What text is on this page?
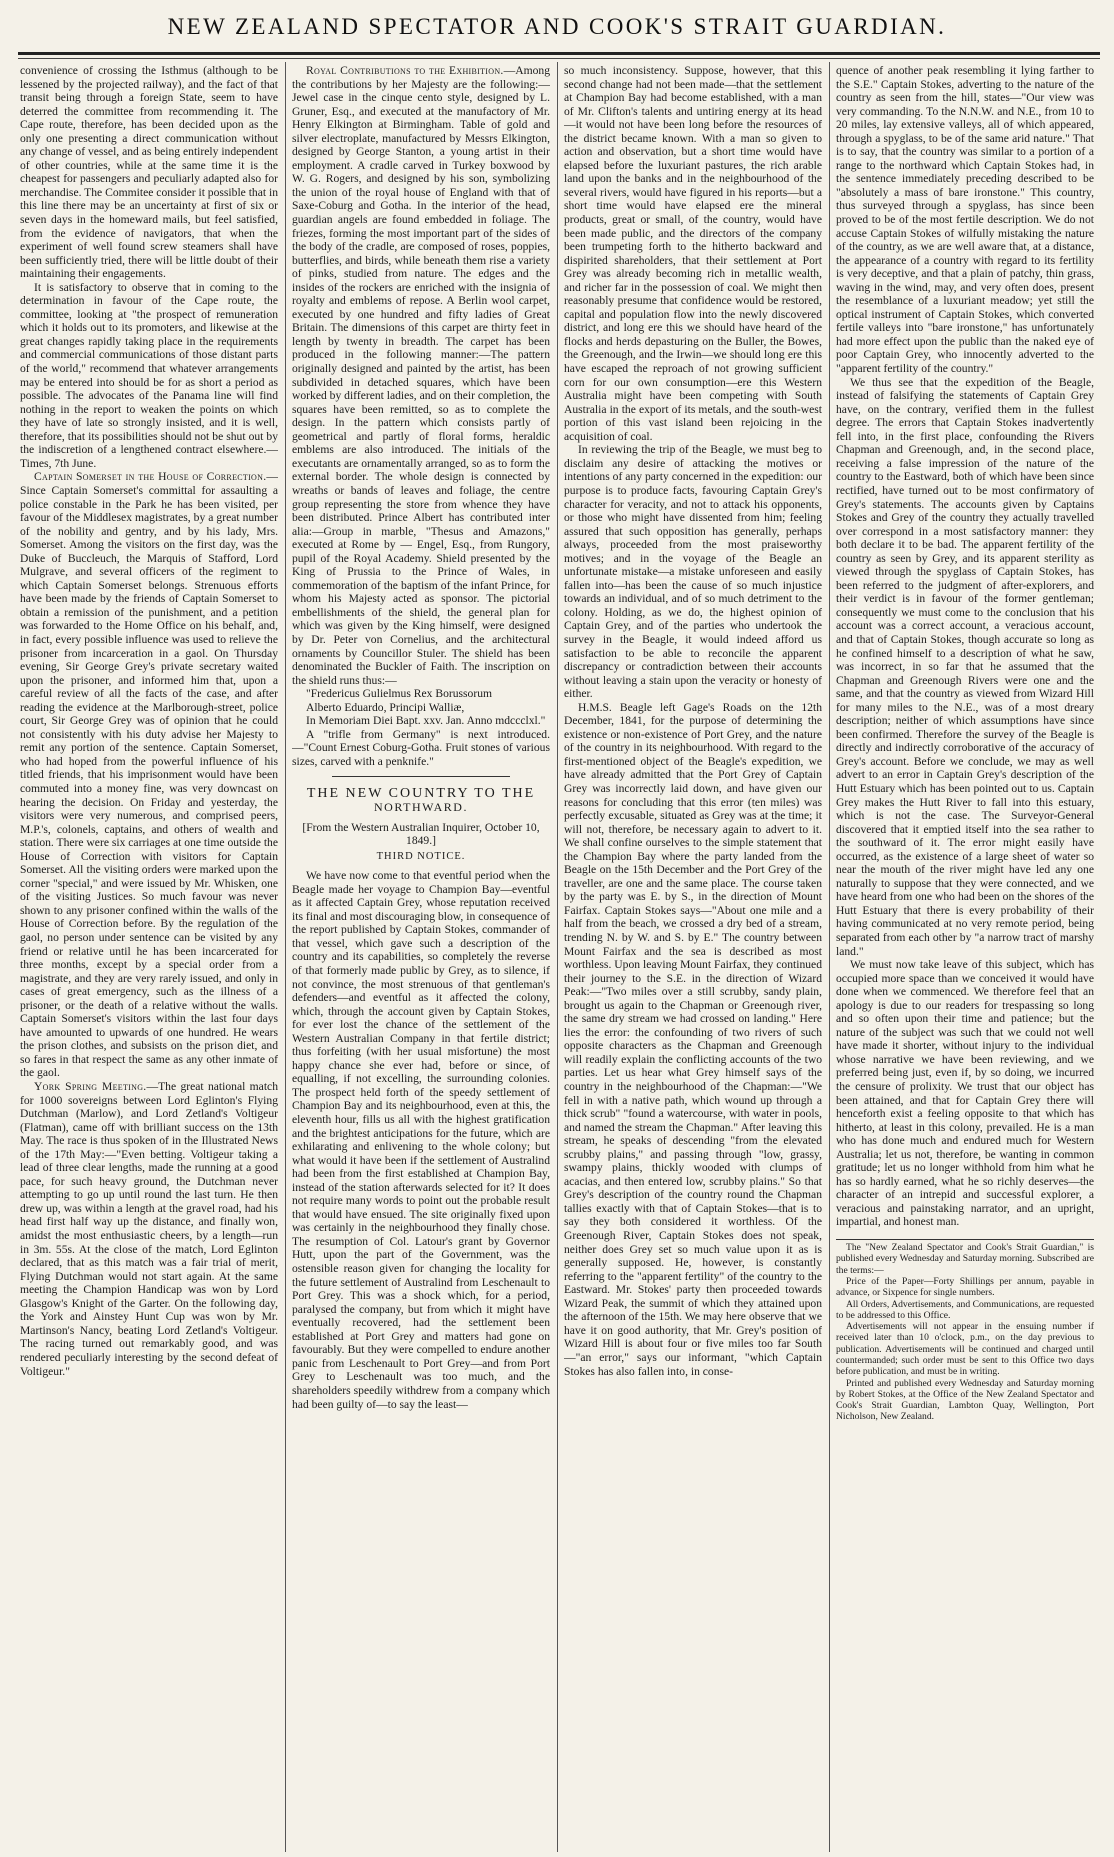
NEW ZEALAND SPECTATOR AND COOK'S STRAIT GUARDIAN.

convenience of crossing the Isthmus (although to be lessened by the projected railway), and the fact of that transit being through a foreign State, seem to have deterred the committee from recommending it. The Cape route, therefore, has been decided upon as the only one presenting a direct communication without any change of vessel, and as being entirely independent of other countries, while at the same time it is the cheapest for passengers and peculiarly adapted also for merchandise. The Commitee consider it possible that in this line there may be an uncertainty at first of six or seven days in the homeward mails, but feel satisfied, from the evidence of navigators, that when the experiment of well found screw steamers shall have been sufficiently tried, there will be little doubt of their maintaining their engagements.

It is satisfactory to observe that in coming to the determination in favour of the Cape route, the committee, looking at "the prospect of remuneration which it holds out to its promoters, and likewise at the great changes rapidly taking place in the requirements and commercial communications of those distant parts of the world," recommend that whatever arrangements may be entered into should be for as short a period as possible. The advocates of the Panama line will find nothing in the report to weaken the points on which they have of late so strongly insisted, and it is well, therefore, that its possibilities should not be shut out by the indiscretion of a lengthened contract elsewhere.—Times, 7th June.

Captain Somerset in the House of Correction.—Since Captain Somerset's committal for assaulting a police constable in the Park he has been visited, per favour of the Middlesex magistrates, by a great number of the nobility and gentry, and by his lady, Mrs. Somerset. Among the visitors on the first day, was the Duke of Buccleuch, the Marquis of Stafford, Lord Mulgrave, and several officers of the regiment to which Captain Somerset belongs. Strenuous efforts have been made by the friends of Captain Somerset to obtain a remission of the punishment, and a petition was forwarded to the Home Office on his behalf, and, in fact, every possible influence was used to relieve the prisoner from incarceration in a gaol. On Thursday evening, Sir George Grey's private secretary waited upon the prisoner, and informed him that, upon a careful review of all the facts of the case, and after reading the evidence at the Marlborough-street, police court, Sir George Grey was of opinion that he could not consistently with his duty advise her Majesty to remit any portion of the sentence. Captain Somerset, who had hoped from the powerful influence of his titled friends, that his imprisonment would have been commuted into a money fine, was very downcast on hearing the decision. On Friday and yesterday, the visitors were very numerous, and comprised peers, M.P.'s, colonels, captains, and others of wealth and station. There were six carriages at one time outside the House of Correction with visitors for Captain Somerset. All the visiting orders were marked upon the corner "special," and were issued by Mr. Whisken, one of the visiting Justices. So much favour was never shown to any prisoner confined within the walls of the House of Correction before. By the regulation of the gaol, no person under sentence can be visited by any friend or relative until he has been incarcerated for three months, except by a special order from a magistrate, and they are very rarely issued, and only in cases of great emergency, such as the illness of a prisoner, or the death of a relative without the walls. Captain Somerset's visitors within the last four days have amounted to upwards of one hundred. He wears the prison clothes, and subsists on the prison diet, and so fares in that respect the same as any other inmate of the gaol.

York Spring Meeting.—The great national match for 1000 sovereigns between Lord Eglinton's Flying Dutchman (Marlow), and Lord Zetland's Voltigeur (Flatman), came off with brilliant success on the 13th May. The race is thus spoken of in the Illustrated News of the 17th May:—"Even betting. Voltigeur taking a lead of three clear lengths, made the running at a good pace, for such heavy ground, the Dutchman never attempting to go up until round the last turn. He then drew up, was within a length at the gravel road, had his head first half way up the distance, and finally won, amidst the most enthusiastic cheers, by a length—run in 3m. 55s. At the close of the match, Lord Eglinton declared, that as this match was a fair trial of merit, Flying Dutchman would not start again. At the same meeting the Champion Handicap was won by Lord Glasgow's Knight of the Garter. On the following day, the York and Ainstey Hunt Cup was won by Mr. Martinson's Nancy, beating Lord Zetland's Voltigeur. The racing turned out remarkably good, and was rendered peculiarly interesting by the second defeat of Voltigeur."

Royal Contributions to the Exhibition.—Among the contributions by her Majesty are the following:—Jewel case in the cinque cento style, designed by L. Gruner, Esq., and executed at the manufactory of Mr. Henry Elkington at Birmingham. Table of gold and silver electroplate, manufactured by Messrs Elkington, designed by George Stanton, a young artist in their employment. A cradle carved in Turkey boxwood by W. G. Rogers, and designed by his son, symbolizing the union of the royal house of England with that of Saxe-Coburg and Gotha. In the interior of the head, guardian angels are found embedded in foliage. The friezes, forming the most important part of the sides of the body of the cradle, are composed of roses, poppies, butterflies, and birds, while beneath them rise a variety of pinks, studied from nature. The edges and the insides of the rockers are enriched with the insignia of royalty and emblems of repose. A Berlin wool carpet, executed by one hundred and fifty ladies of Great Britain. The dimensions of this carpet are thirty feet in length by twenty in breadth. The carpet has been produced in the following manner:—The pattern originally designed and painted by the artist, has been subdivided in detached squares, which have been worked by different ladies, and on their completion, the squares have been remitted, so as to complete the design. In the pattern which consists partly of geometrical and partly of floral forms, heraldic emblems are also introduced. The initials of the executants are ornamentally arranged, so as to form the external border. The whole design is connected by wreaths or bands of leaves and foliage, the centre group representing the store from whence they have been distributed. Prince Albert has contributed inter alia:—Group in marble, "Thesus and Amazons," executed at Rome by — Engel, Esq., from Rungory, pupil of the Royal Academy. Shield presented by the King of Prussia to the Prince of Wales, in commemoration of the baptism of the infant Prince, for whom his Majesty acted as sponsor. The pictorial embellishments of the shield, the general plan for which was given by the King himself, were designed by Dr. Peter von Cornelius, and the architectural ornaments by Councillor Stuler. The shield has been denominated the Buckler of Faith. The inscription on the shield runs thus:—

"Fredericus Gulielmus Rex Borussorum

Alberto Eduardo, Principi Walliæ,

In Memoriam Diei Bapt. xxv. Jan. Anno mdccclxl."

A "trifle from Germany" is next introduced.—"Count Ernest Coburg-Gotha. Fruit stones of various sizes, carved with a penknife."

THE NEW COUNTRY TO THE
NORTHWARD.

[From the Western Australian Inquirer, October 10, 1849.]

THIRD NOTICE.

We have now come to that eventful period when the Beagle made her voyage to Champion Bay—eventful as it affected Captain Grey, whose reputation received its final and most discouraging blow, in consequence of the report published by Captain Stokes, commander of that vessel, which gave such a description of the country and its capabilities, so completely the reverse of that formerly made public by Grey, as to silence, if not convince, the most strenuous of that gentleman's defenders—and eventful as it affected the colony, which, through the account given by Captain Stokes, for ever lost the chance of the settlement of the Western Australian Company in that fertile district; thus forfeiting (with her usual misfortune) the most happy chance she ever had, before or since, of equalling, if not excelling, the surrounding colonies. The prospect held forth of the speedy settlement of Champion Bay and its neighbourhood, even at this, the eleventh hour, fills us all with the highest gratification and the brightest anticipations for the future, which are exhilarating and enlivening to the whole colony; but what would it have been if the settlement of Australind had been from the first established at Champion Bay, instead of the station afterwards selected for it? It does not require many words to point out the probable result that would have ensued. The site originally fixed upon was certainly in the neighbourhood they finally chose. The resumption of Col. Latour's grant by Governor Hutt, upon the part of the Government, was the ostensible reason given for changing the locality for the future settlement of Australind from Leschenault to Port Grey. This was a shock which, for a period, paralysed the company, but from which it might have eventually recovered, had the settlement been established at Port Grey and matters had gone on favourably. But they were compelled to endure another panic from Leschenault to Port Grey—and from Port Grey to Leschenault was too much, and the shareholders speedily withdrew from a company which had been guilty of—to say the least—

so much inconsistency. Suppose, however, that this second change had not been made—that the settlement at Champion Bay had become established, with a man of Mr. Clifton's talents and untiring energy at its head—it would not have been long before the resources of the district became known. With a man so given to action and observation, but a short time would have elapsed before the luxuriant pastures, the rich arable land upon the banks and in the neighbourhood of the several rivers, would have figured in his reports—but a short time would have elapsed ere the mineral products, great or small, of the country, would have been made public, and the directors of the company been trumpeting forth to the hitherto backward and dispirited shareholders, that their settlement at Port Grey was already becoming rich in metallic wealth, and richer far in the possession of coal. We might then reasonably presume that confidence would be restored, capital and population flow into the newly discovered district, and long ere this we should have heard of the flocks and herds depasturing on the Buller, the Bowes, the Greenough, and the Irwin—we should long ere this have escaped the reproach of not growing sufficient corn for our own consumption—ere this Western Australia might have been competing with South Australia in the export of its metals, and the south-west portion of this vast island been rejoicing in the acquisition of coal.

In reviewing the trip of the Beagle, we must beg to disclaim any desire of attacking the motives or intentions of any party concerned in the expedition: our purpose is to produce facts, favouring Captain Grey's character for veracity, and not to attack his opponents, or those who might have dissented from him; feeling assured that such opposition has generally, perhaps always, proceeded from the most praiseworthy motives; and in the voyage of the Beagle an unfortunate mistake—a mistake unforeseen and easily fallen into—has been the cause of so much injustice towards an individual, and of so much detriment to the colony. Holding, as we do, the highest opinion of Captain Grey, and of the parties who undertook the survey in the Beagle, it would indeed afford us satisfaction to be able to reconcile the apparent discrepancy or contradiction between their accounts without leaving a stain upon the veracity or honesty of either.

H.M.S. Beagle left Gage's Roads on the 12th December, 1841, for the purpose of determining the existence or non-existence of Port Grey, and the nature of the country in its neighbourhood. With regard to the first-mentioned object of the Beagle's expedition, we have already admitted that the Port Grey of Captain Grey was incorrectly laid down, and have given our reasons for concluding that this error (ten miles) was perfectly excusable, situated as Grey was at the time; it will not, therefore, be necessary again to advert to it. We shall confine ourselves to the simple statement that the Champion Bay where the party landed from the Beagle on the 15th December and the Port Grey of the traveller, are one and the same place. The course taken by the party was E. by S., in the direction of Mount Fairfax. Captain Stokes says—"About one mile and a half from the beach, we crossed a dry bed of a stream, trending N. by W. and S. by E." The country between Mount Fairfax and the sea is described as most worthless. Upon leaving Mount Fairfax, they continued their journey to the S.E. in the direction of Wizard Peak:—"Two miles over a still scrubby, sandy plain, brought us again to the Chapman or Greenough river, the same dry stream we had crossed on landing." Here lies the error: the confounding of two rivers of such opposite characters as the Chapman and Greenough will readily explain the conflicting accounts of the two parties. Let us hear what Grey himself says of the country in the neighbourhood of the Chapman:—"We fell in with a native path, which wound up through a thick scrub" "found a watercourse, with water in pools, and named the stream the Chapman." After leaving this stream, he speaks of descending "from the elevated scrubby plains," and passing through "low, grassy, swampy plains, thickly wooded with clumps of acacias, and then entered low, scrubby plains." So that Grey's description of the country round the Chapman tallies exactly with that of Captain Stokes—that is to say they both considered it worthless. Of the Greenough River, Captain Stokes does not speak, neither does Grey set so much value upon it as is generally supposed. He, however, is constantly referring to the "apparent fertility" of the country to the Eastward. Mr. Stokes' party then proceeded towards Wizard Peak, the summit of which they attained upon the afternoon of the 15th. We may here observe that we have it on good authority, that Mr. Grey's position of Wizard Hill is about four or five miles too far South—"an error," says our informant, "which Captain Stokes has also fallen into, in conse-

quence of another peak resembling it lying farther to the S.E." Captain Stokes, adverting to the nature of the country as seen from the hill, states—"Our view was very commanding. To the N.N.W. and N.E., from 10 to 20 miles, lay extensive valleys, all of which appeared, through a spyglass, to be of the same arid nature." That is to say, that the country was similar to a portion of a range to the northward which Captain Stokes had, in the sentence immediately preceding described to be "absolutely a mass of bare ironstone." This country, thus surveyed through a spyglass, has since been proved to be of the most fertile description. We do not accuse Captain Stokes of wilfully mistaking the nature of the country, as we are well aware that, at a distance, the appearance of a country with regard to its fertility is very deceptive, and that a plain of patchy, thin grass, waving in the wind, may, and very often does, present the resemblance of a luxuriant meadow; yet still the optical instrument of Captain Stokes, which converted fertile valleys into "bare ironstone," has unfortunately had more effect upon the public than the naked eye of poor Captain Grey, who innocently adverted to the "apparent fertility of the country."

We thus see that the expedition of the Beagle, instead of falsifying the statements of Captain Grey have, on the contrary, verified them in the fullest degree. The errors that Captain Stokes inadvertently fell into, in the first place, confounding the Rivers Chapman and Greenough, and, in the second place, receiving a false impression of the nature of the country to the Eastward, both of which have been since rectified, have turned out to be most confirmatory of Grey's statements. The accounts given by Captains Stokes and Grey of the country they actually travelled over correspond in a most satisfactory manner: they both declare it to be bad. The apparent fertility of the country as seen by Grey, and its apparent sterility as viewed through the spyglass of Captain Stokes, has been referred to the judgment of after-explorers, and their verdict is in favour of the former gentleman; consequently we must come to the conclusion that his account was a correct account, a veracious account, and that of Captain Stokes, though accurate so long as he confined himself to a description of what he saw, was incorrect, in so far that he assumed that the Chapman and Greenough Rivers were one and the same, and that the country as viewed from Wizard Hill for many miles to the N.E., was of a most dreary description; neither of which assumptions have since been confirmed. Therefore the survey of the Beagle is directly and indirectly corroborative of the accuracy of Grey's account. Before we conclude, we may as well advert to an error in Captain Grey's description of the Hutt Estuary which has been pointed out to us. Captain Grey makes the Hutt River to fall into this estuary, which is not the case. The Surveyor-General discovered that it emptied itself into the sea rather to the southward of it. The error might easily have occurred, as the existence of a large sheet of water so near the mouth of the river might have led any one naturally to suppose that they were connected, and we have heard from one who had been on the shores of the Hutt Estuary that there is every probability of their having communicated at no very remote period, being separated from each other by "a narrow tract of marshy land."

We must now take leave of this subject, which has occupied more space than we conceived it would have done when we commenced. We therefore feel that an apology is due to our readers for trespassing so long and so often upon their time and patience; but the nature of the subject was such that we could not well have made it shorter, without injury to the individual whose narrative we have been reviewing, and we preferred being just, even if, by so doing, we incurred the censure of prolixity. We trust that our object has been attained, and that for Captain Grey there will henceforth exist a feeling opposite to that which has hitherto, at least in this colony, prevailed. He is a man who has done much and endured much for Western Australia; let us not, therefore, be wanting in common gratitude; let us no longer withhold from him what he has so hardly earned, what he so richly deserves—the character of an intrepid and successful explorer, a veracious and painstaking narrator, and an upright, impartial, and honest man.

The "New Zealand Spectator and Cook's Strait Guardian," is published every Wednesday and Saturday morning. Subscribed are the terms:—

Price of the Paper—Forty Shillings per annum, payable in advance, or Sixpence for single numbers.

All Orders, Advertisements, and Communications, are requested to be addressed to this Office.

Advertisements will not appear in the ensuing number if received later than 10 o'clock, p.m., on the day previous to publication. Advertisements will be continued and charged until countermanded; such order must be sent to this Office two days before publication, and must be in writing.

Printed and published every Wednesday and Saturday morning by Robert Stokes, at the Office of the New Zealand Spectator and Cook's Strait Guardian, Lambton Quay, Wellington, Port Nicholson, New Zealand.
